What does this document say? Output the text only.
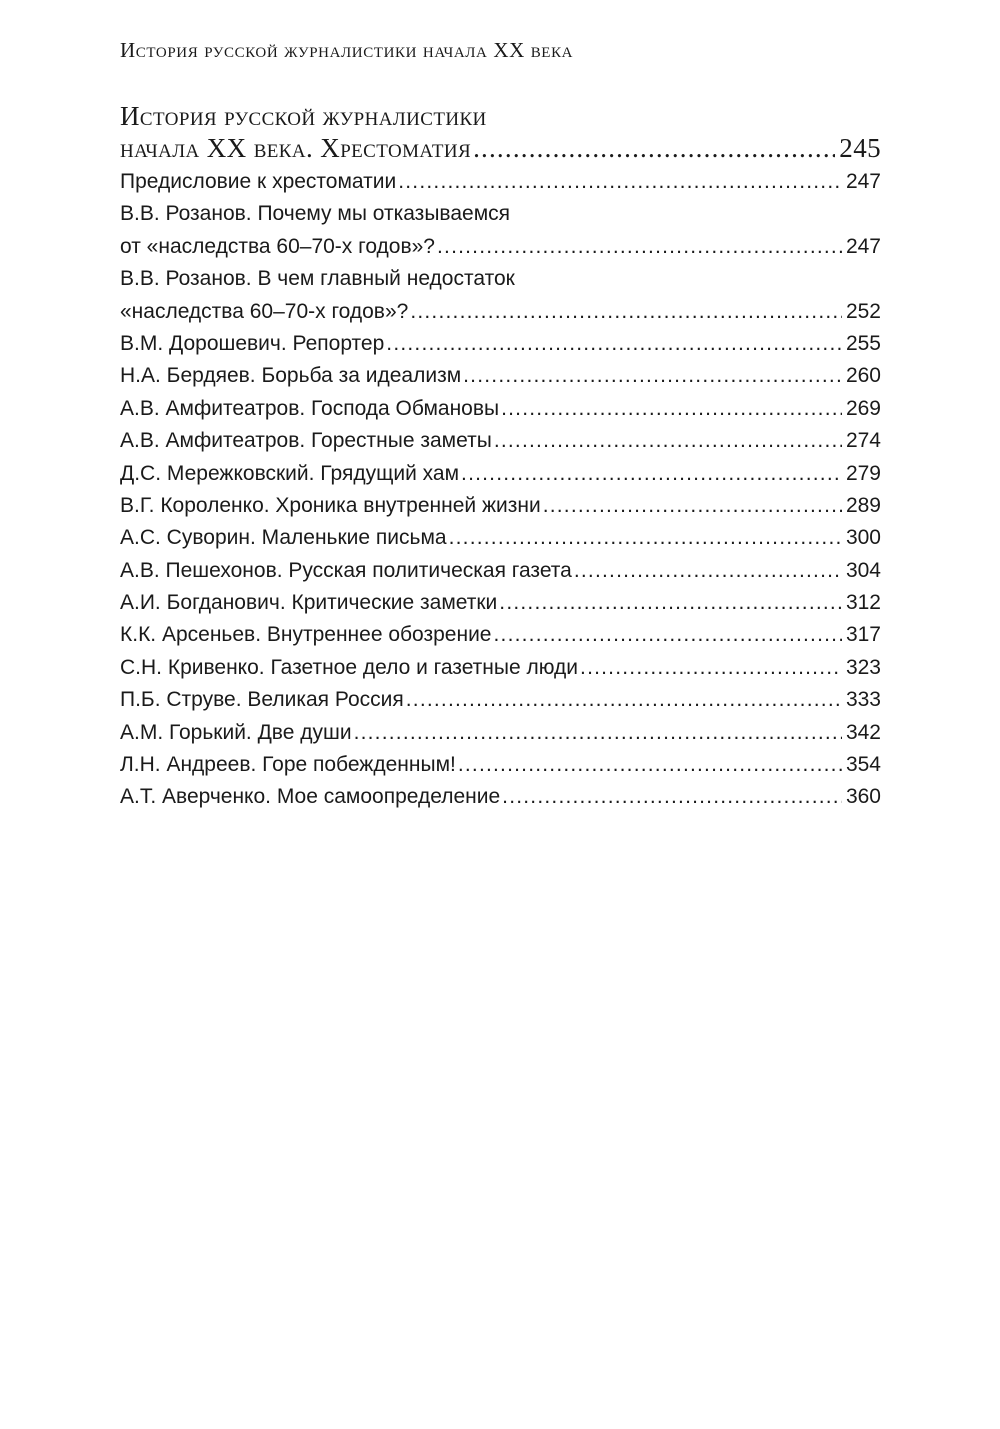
История русской журналистики начала XX века
История русской журналистики
начала XX века. Хрестоматия .....	245
Предисловие к хрестоматии .....	247
В.В. Розанов. Почему мы отказываемся
от «наследства 60–70-х годов»? .....	247
В.В. Розанов. В чем главный недостаток
«наследства 60–70-х годов»? .....	252
В.М. Дорошевич. Репортер .....	255
Н.А. Бердяев. Борьба за идеализм .....	260
А.В. Амфитеатров. Господа Обмановы .....	269
А.В. Амфитеатров. Горестные заметы .....	274
Д.С. Мережковский. Грядущий хам .....	279
В.Г. Короленко. Хроника внутренней жизни .....	289
А.С. Суворин. Маленькие письма .....	300
А.В. Пешехонов. Русская политическая газета .....	304
А.И. Богданович. Критические заметки .....	312
К.К. Арсеньев. Внутреннее обозрение .....	317
С.Н. Кривенко. Газетное дело и газетные люди .....	323
П.Б. Струве. Великая Россия .....	333
А.М. Горький. Две души .....	342
Л.Н. Андреев. Горе побежденным! .....	354
А.Т. Аверченко. Мое самоопределение .....	360
